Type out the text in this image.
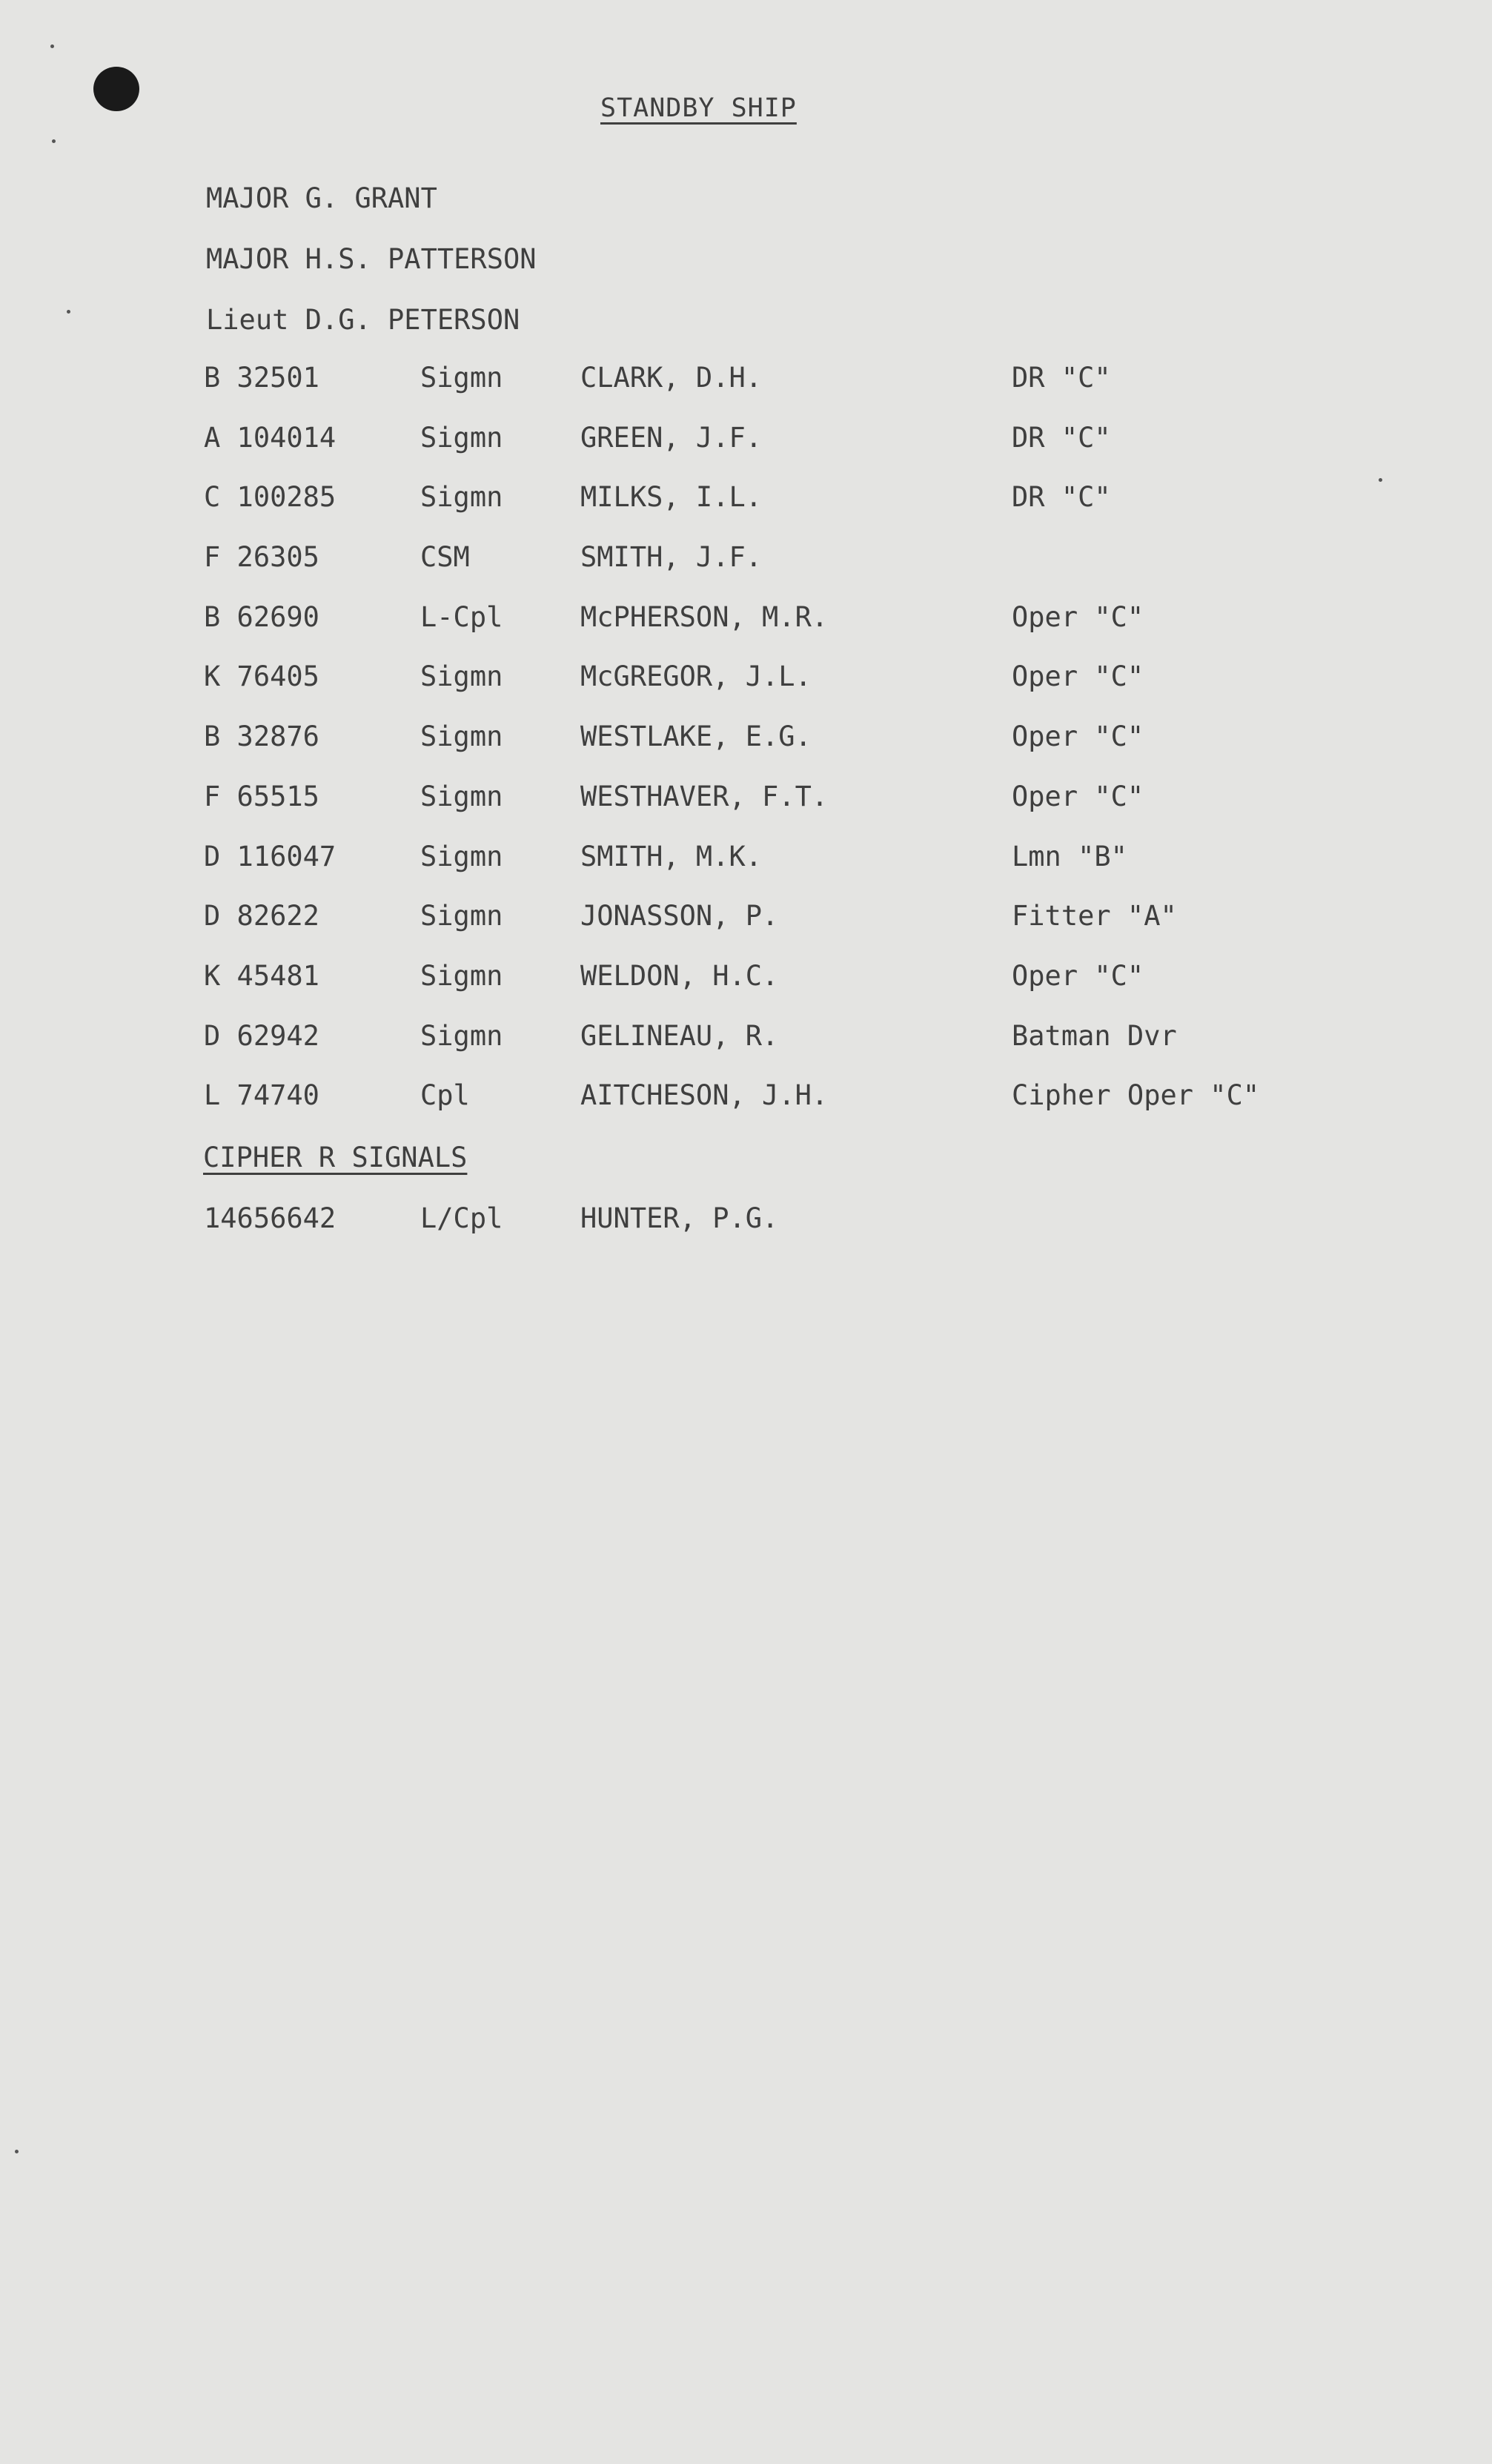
STANDBY SHIP
MAJOR G. GRANT
MAJOR H.S. PATTERSON
Lieut D.G. PETERSON
B 32501	Sigmn	CLARK, D.H.	DR "C"
A 104014	Sigmn	GREEN, J.F.	DR "C"
C 100285	Sigmn	MILKS, I.L.	DR "C"
F 26305	CSM	SMITH, J.F.
B 62690	L-Cpl	McPHERSON, M.R.	Oper "C"
K 76405	Sigmn	McGREGOR, J.L.	Oper "C"
B 32876	Sigmn	WESTLAKE, E.G.	Oper "C"
F 65515	Sigmn	WESTHAVER, F.T.	Oper "C"
D 116047	Sigmn	SMITH, M.K.	Lmn "B"
D 82622	Sigmn	JONASSON, P.	Fitter "A"
K 45481	Sigmn	WELDON, H.C.	Oper "C"
D 62942	Sigmn	GELINEAU, R.	Batman Dvr
L 74740	Cpl	AITCHESON, J.H.	Cipher Oper "C"
CIPHER R SIGNALS
14656642	L/Cpl	HUNTER, P.G.
